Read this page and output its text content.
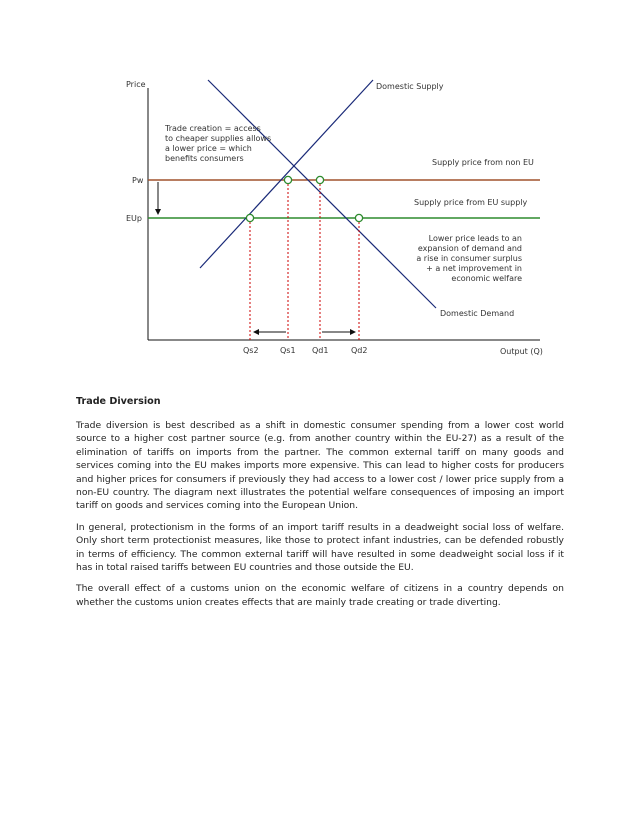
Price
Output (Q)
Pw
EUp
Supply price from non EU
Supply price from EU supply
Domestic Supply
Domestic Demand
Qs2	Qs1 Qd1	Qd2
Trade creation = access
to cheaper supplies allows
a lower price = which
benefits consumers
Lower price leads to an
expansion of demand and
a rise in consumer surplus
+ a net improvement in
economic welfare
Trade Diversion

Trade diversion is best described as a shift in domestic consumer spending from a lower cost world source to a higher cost partner source (e.g. from another country within the EU-27) as a result of the elimination of tariffs on imports from the partner. The common external tariff on many goods and services coming into the EU makes imports more expensive. This can lead to higher costs for producers and higher prices for consumers if previously they had access to a lower cost / lower price supply from a non-EU country. The diagram next illustrates the potential welfare consequences of imposing an import tariff on goods and services coming into the European Union.

In general, protectionism in the forms of an import tariff results in a deadweight social loss of welfare. Only short term protectionist measures, like those to protect infant industries, can be defended robustly in terms of efficiency. The common external tariff will have resulted in some deadweight social loss if it has in total raised tariffs between EU countries and those outside the EU.

The overall effect of a customs union on the economic welfare of citizens in a country depends on whether the customs union creates effects that are mainly trade creating or trade diverting.
